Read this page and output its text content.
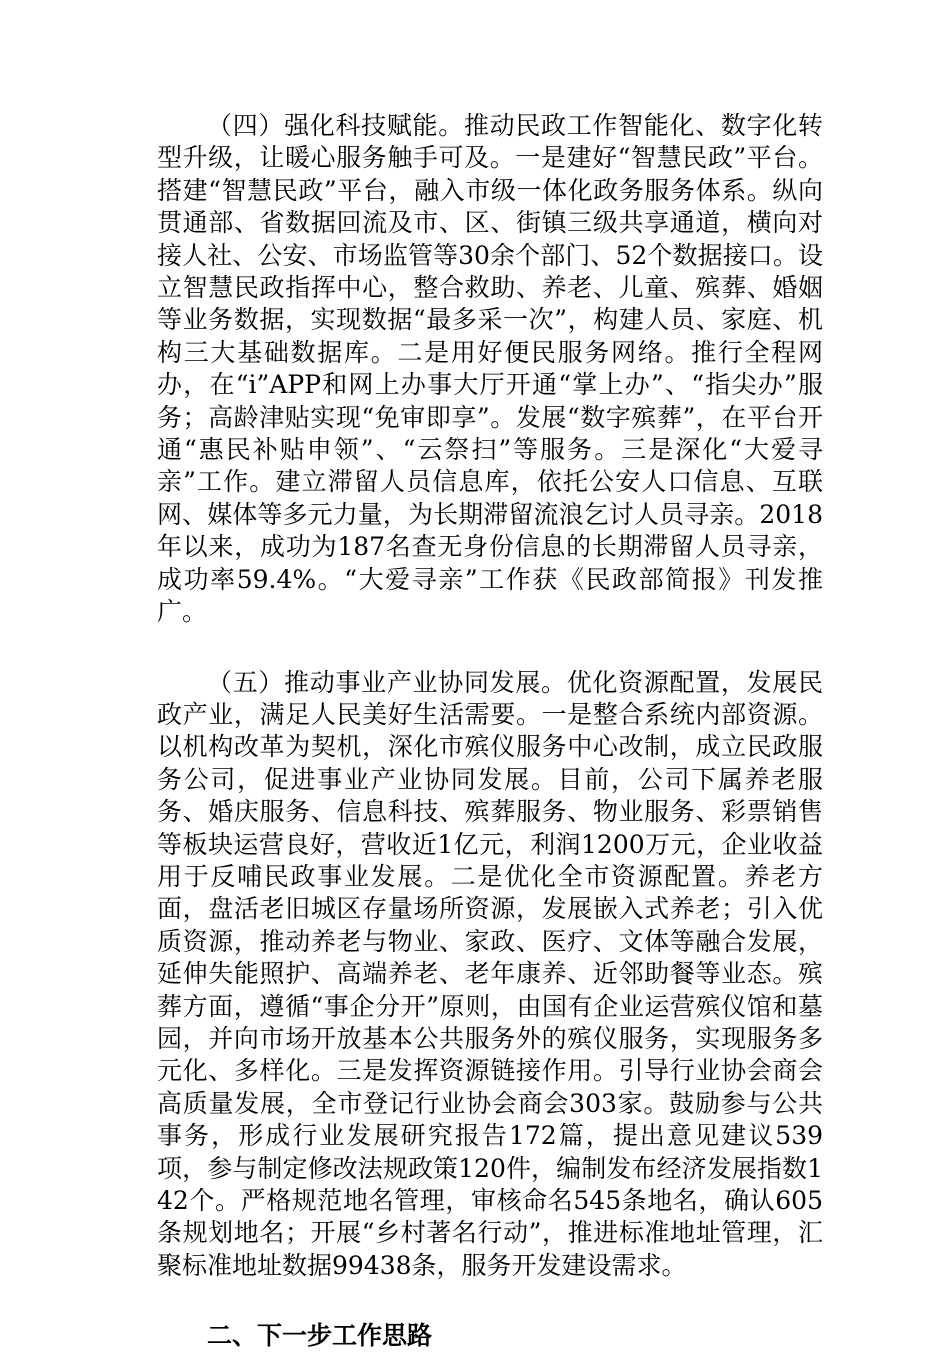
（四）强化科技赋能。推动民政工作智能化、数字化转型升级，让暖心服务触手可及。一是建好“智慧民政”平台。搭建“智慧民政”平台，融入市级一体化政务服务体系。纵向贯通部、省数据回流及市、区、街镇三级共享通道，横向对接人社、公安、市场监管等30余个部门、52个数据接口。设立智慧民政指挥中心，整合救助、养老、儿童、殡葬、婚姻等业务数据，实现数据“最多采一次”，构建人员、家庭、机构三大基础数据库。二是用好便民服务网络。推行全程网办，在“i”APP和网上办事大厅开通“掌上办”、“指尖办”服务；高龄津贴实现“免审即享”。发展“数字殡葬”，在平台开通“惠民补贴申领”、“云祭扫”等服务。三是深化“大爱寻亲”工作。建立滞留人员信息库，依托公安人口信息、互联网、媒体等多元力量，为长期滞留流浪乞讨人员寻亲。2018年以来，成功为187名查无身份信息的长期滞留人员寻亲，成功率59.4%。“大爱寻亲”工作获《民政部简报》刊发推广。

（五）推动事业产业协同发展。优化资源配置，发展民政产业，满足人民美好生活需要。一是整合系统内部资源。以机构改革为契机，深化市殡仪服务中心改制，成立民政服务公司，促进事业产业协同发展。目前，公司下属养老服务、婚庆服务、信息科技、殡葬服务、物业服务、彩票销售等板块运营良好，营收近1亿元，利润1200万元，企业收益用于反哺民政事业发展。二是优化全市资源配置。养老方面，盘活老旧城区存量场所资源，发展嵌入式养老；引入优质资源，推动养老与物业、家政、医疗、文体等融合发展，延伸失能照护、高端养老、老年康养、近邻助餐等业态。殡葬方面，遵循“事企分开”原则，由国有企业运营殡仪馆和墓园，并向市场开放基本公共服务外的殡仪服务，实现服务多元化、多样化。三是发挥资源链接作用。引导行业协会商会高质量发展，全市登记行业协会商会303家。鼓励参与公共事务，形成行业发展研究报告172篇，提出意见建议539项，参与制定修改法规政策120件，编制发布经济发展指数142个。严格规范地名管理，审核命名545条地名，确认605条规划地名；开展“乡村著名行动”，推进标准地址管理，汇聚标准地址数据99438条，服务开发建设需求。

二、下一步工作思路
